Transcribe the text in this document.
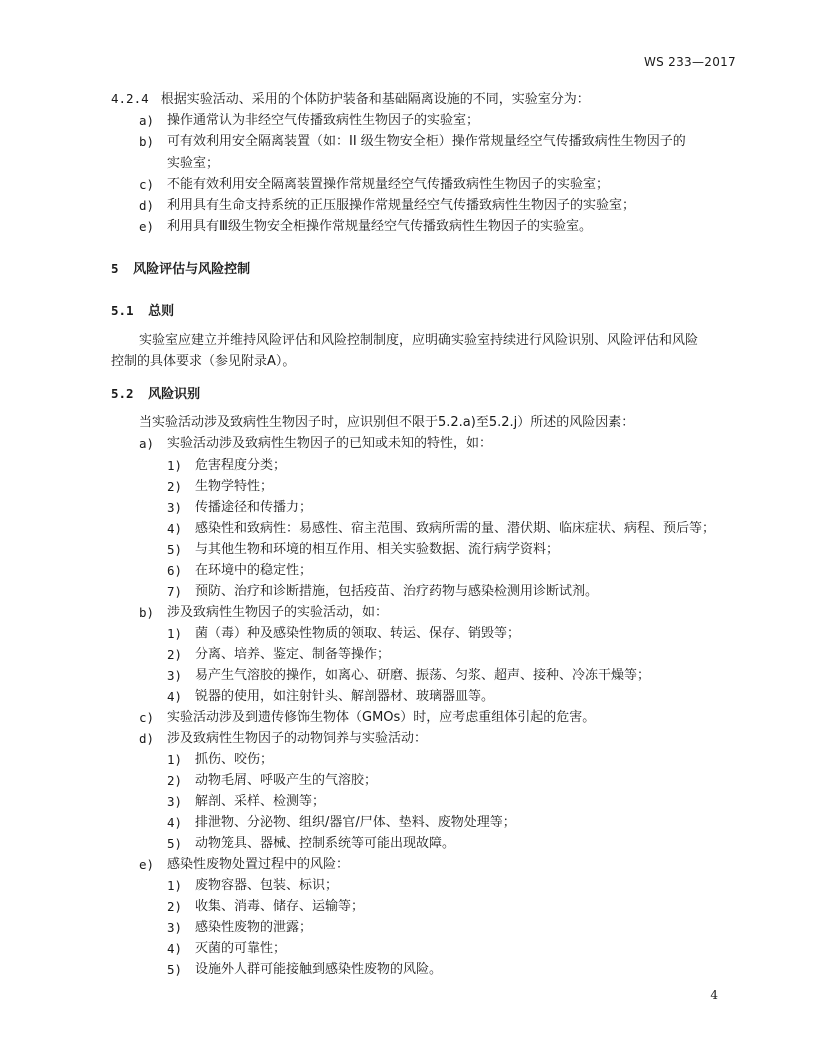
WS 233—2017
4.2.4 根据实验活动、采用的个体防护装备和基础隔离设施的不同，实验室分为：
a) 操作通常认为非经空气传播致病性生物因子的实验室；
b) 可有效利用安全隔离装置（如：II 级生物安全柜）操作常规量经空气传播致病性生物因子的
实验室；
c) 不能有效利用安全隔离装置操作常规量经空气传播致病性生物因子的实验室；
d) 利用具有生命支持系统的正压服操作常规量经空气传播致病性生物因子的实验室；
e) 利用具有Ⅲ级生物安全柜操作常规量经空气传播致病性生物因子的实验室。
5 风险评估与风险控制
5.1 总则
实验室应建立并维持风险评估和风险控制制度，应明确实验室持续进行风险识别、风险评估和风险
控制的具体要求（参见附录A）。
5.2 风险识别
当实验活动涉及致病性生物因子时，应识别但不限于5.2.a)至5.2.j）所述的风险因素：
a) 实验活动涉及致病性生物因子的已知或未知的特性，如：
1) 危害程度分类；
2) 生物学特性；
3) 传播途径和传播力；
4) 感染性和致病性：易感性、宿主范围、致病所需的量、潜伏期、临床症状、病程、预后等；
5) 与其他生物和环境的相互作用、相关实验数据、流行病学资料；
6) 在环境中的稳定性；
7) 预防、治疗和诊断措施，包括疫苗、治疗药物与感染检测用诊断试剂。
b) 涉及致病性生物因子的实验活动，如：
1) 菌（毒）种及感染性物质的领取、转运、保存、销毁等；
2) 分离、培养、鉴定、制备等操作；
3) 易产生气溶胶的操作，如离心、研磨、振荡、匀浆、超声、接种、冷冻干燥等；
4) 锐器的使用，如注射针头、解剖器材、玻璃器皿等。
c) 实验活动涉及到遗传修饰生物体（GMOs）时，应考虑重组体引起的危害。
d) 涉及致病性生物因子的动物饲养与实验活动：
1) 抓伤、咬伤；
2) 动物毛屑、呼吸产生的气溶胶；
3) 解剖、采样、检测等；
4) 排泄物、分泌物、组织/器官/尸体、垫料、废物处理等；
5) 动物笼具、器械、控制系统等可能出现故障。
e) 感染性废物处置过程中的风险：
1) 废物容器、包装、标识；
2) 收集、消毒、储存、运输等；
3) 感染性废物的泄露；
4) 灭菌的可靠性；
5) 设施外人群可能接触到感染性废物的风险。
4
